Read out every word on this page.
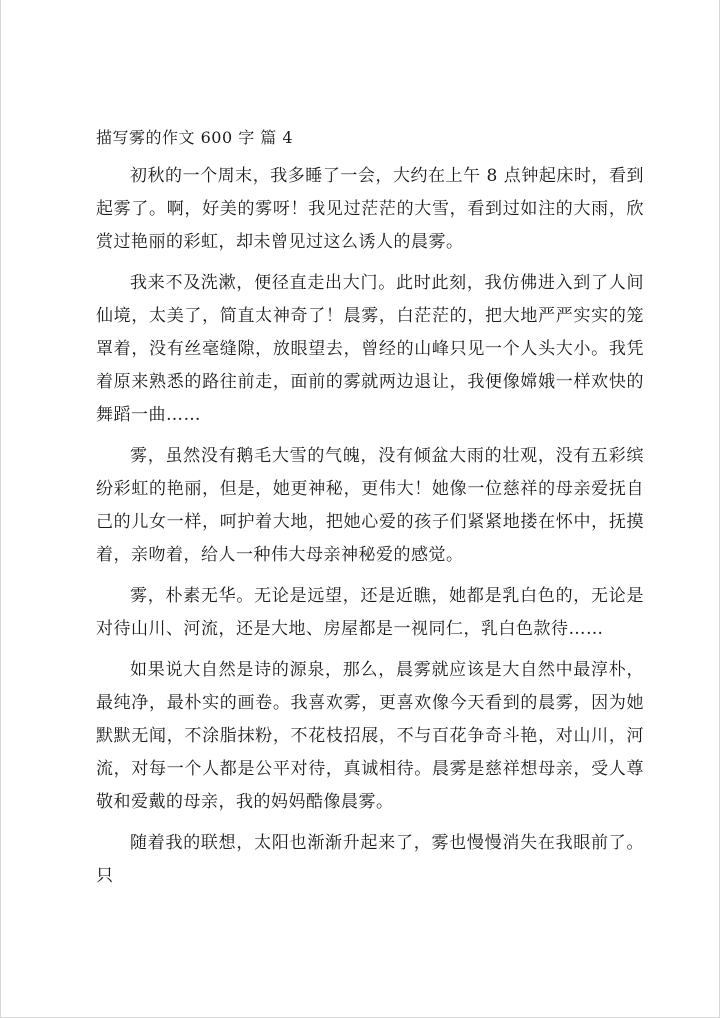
描写雾的作文 600 字 篇 4

初秋的一个周末，我多睡了一会，大约在上午 8 点钟起床时，看到起雾了。啊，好美的雾呀！我见过茫茫的大雪，看到过如注的大雨，欣赏过艳丽的彩虹，却未曾见过这么诱人的晨雾。

我来不及洗漱，便径直走出大门。此时此刻，我仿佛进入到了人间仙境，太美了，简直太神奇了！晨雾，白茫茫的，把大地严严实实的笼罩着，没有丝毫缝隙，放眼望去，曾经的山峰只见一个人头大小。我凭着原来熟悉的路往前走，面前的雾就两边退让，我便像嫦娥一样欢快的舞蹈一曲……

雾，虽然没有鹅毛大雪的气魄，没有倾盆大雨的壮观，没有五彩缤纷彩虹的艳丽，但是，她更神秘，更伟大！她像一位慈祥的母亲爱抚自己的儿女一样，呵护着大地，把她心爱的孩子们紧紧地搂在怀中，抚摸着，亲吻着，给人一种伟大母亲神秘爱的感觉。

雾，朴素无华。无论是远望，还是近瞧，她都是乳白色的，无论是对待山川、河流，还是大地、房屋都是一视同仁，乳白色款待……

如果说大自然是诗的源泉，那么，晨雾就应该是大自然中最淳朴，最纯净，最朴实的画卷。我喜欢雾，更喜欢像今天看到的晨雾，因为她默默无闻，不涂脂抹粉，不花枝招展，不与百花争奇斗艳，对山川，河流，对每一个人都是公平对待，真诚相待。晨雾是慈祥想母亲，受人尊敬和爱戴的母亲，我的妈妈酷像晨雾。

随着我的联想，太阳也渐渐升起来了，雾也慢慢消失在我眼前了。只
